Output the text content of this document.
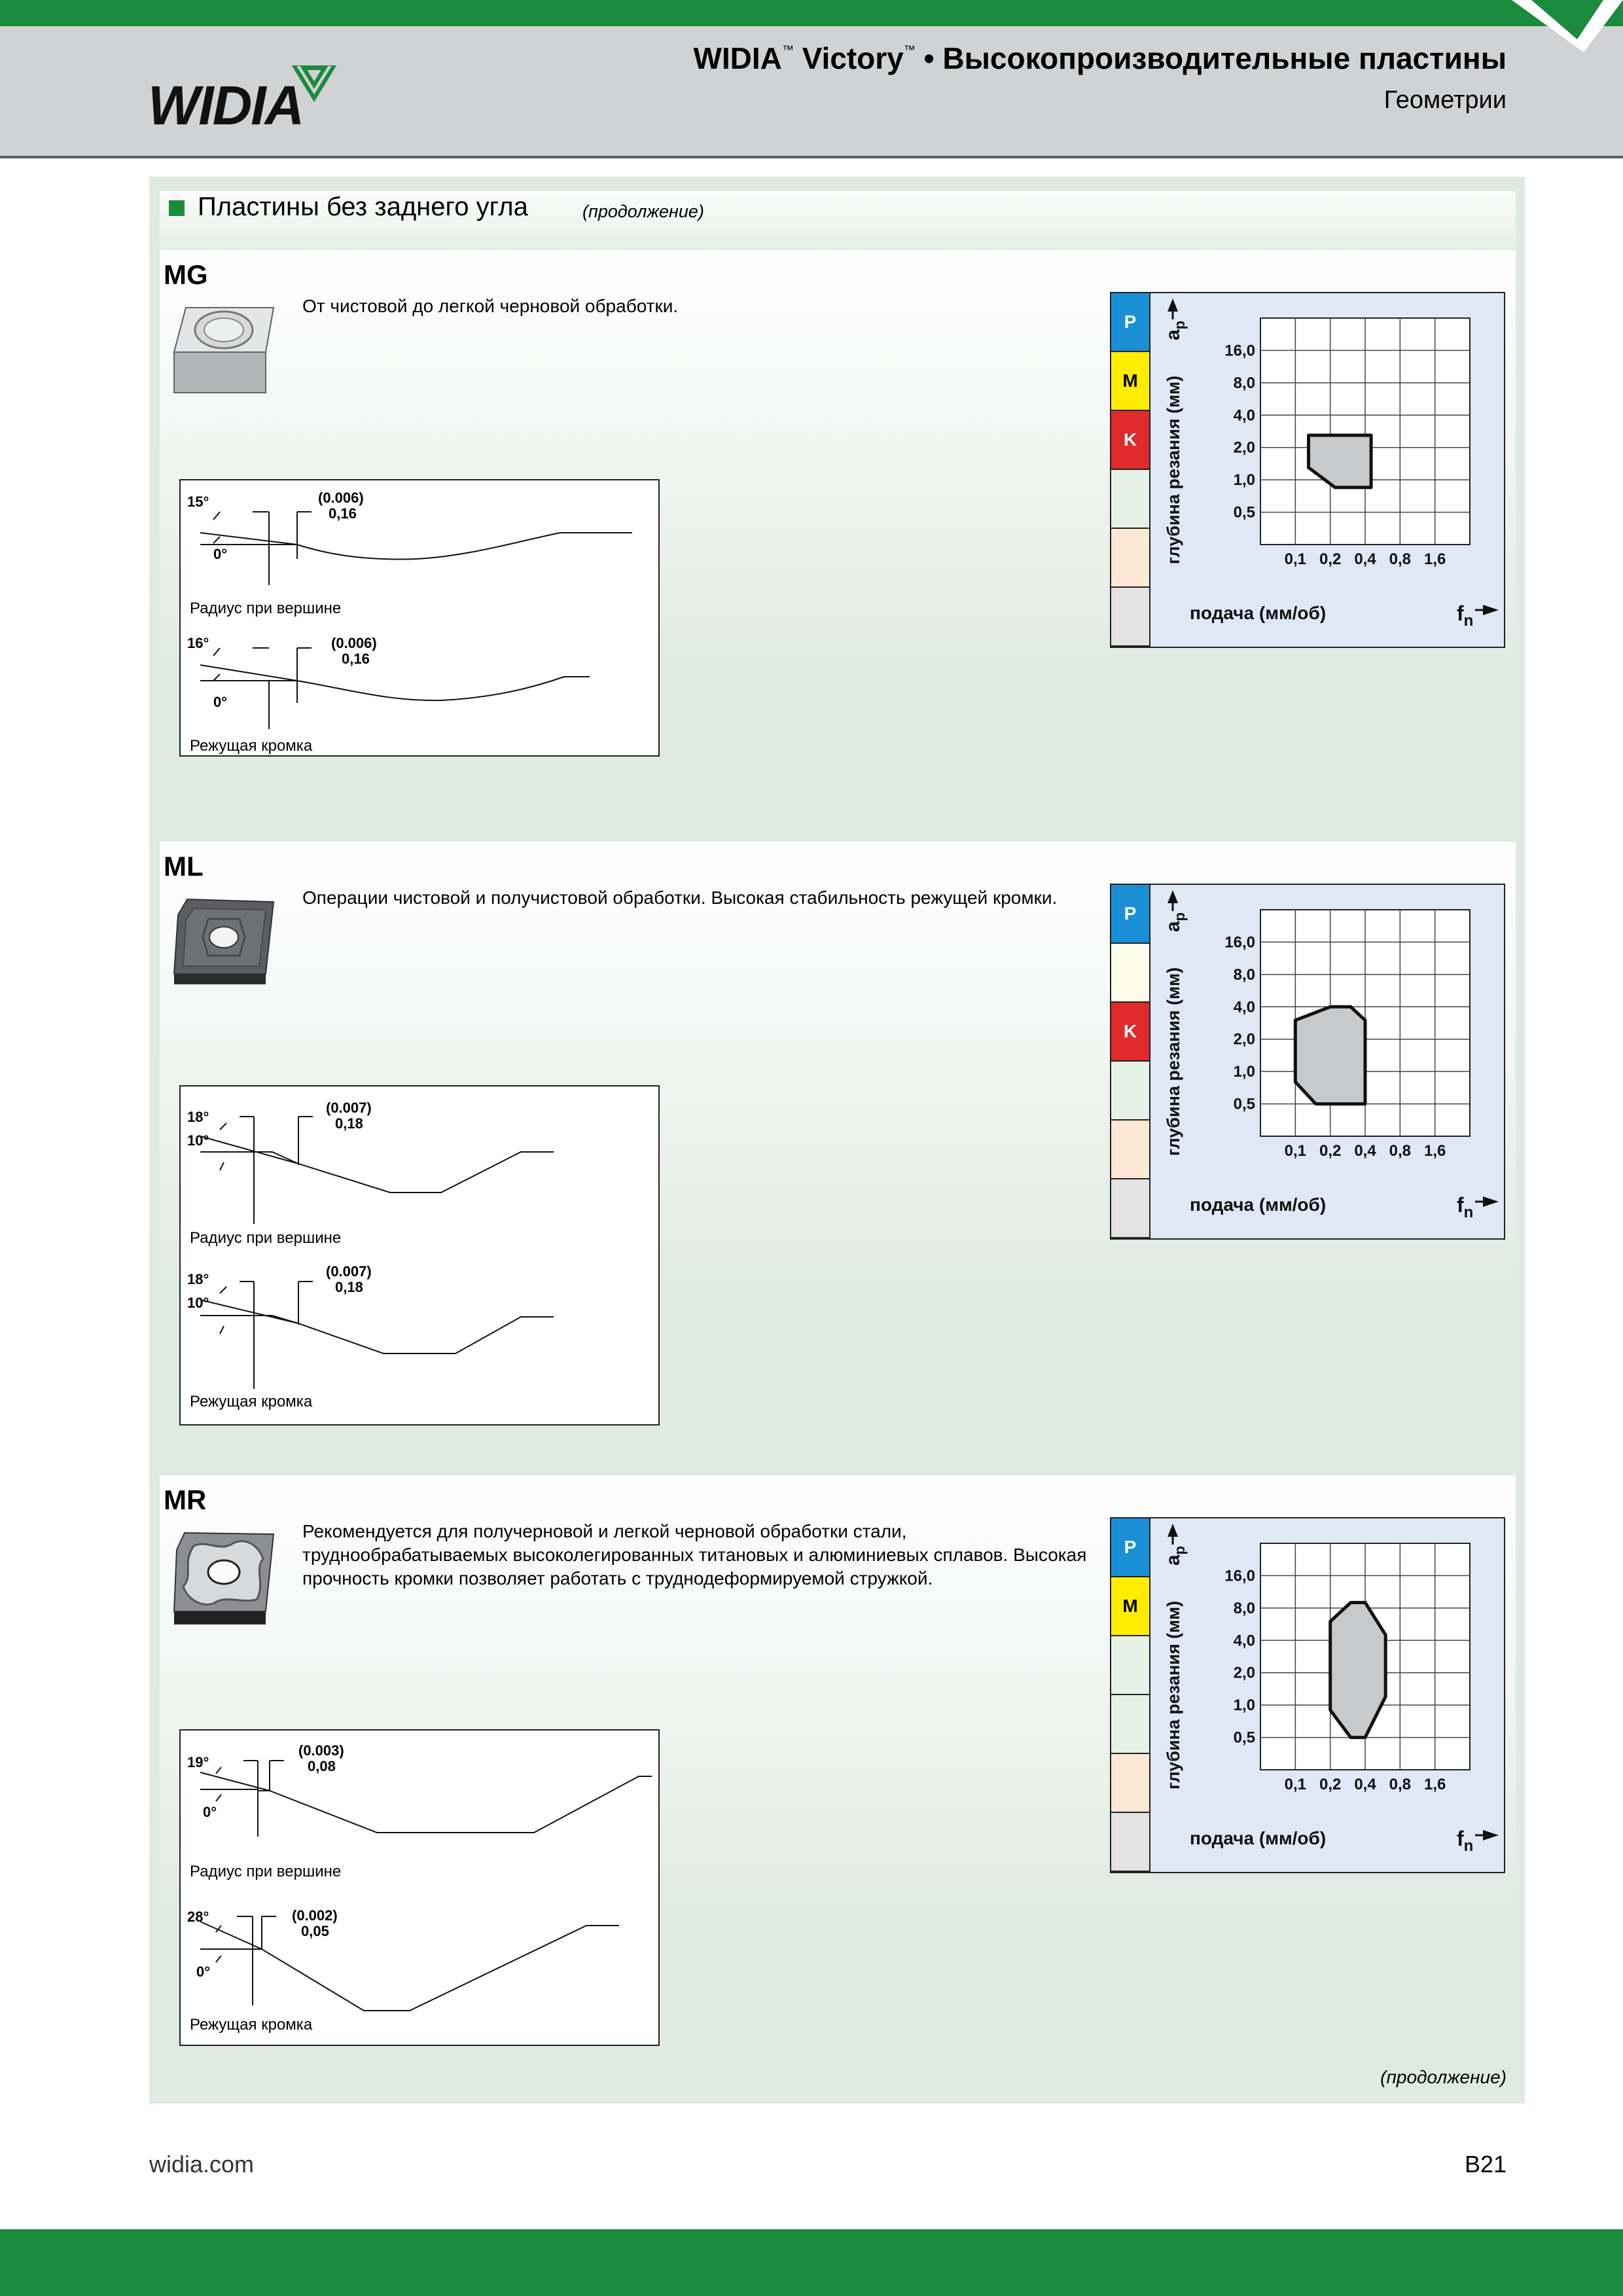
WIDIA
WIDIA™ Victory™ • Высокопроизводительные пластины
Геометрии
Пластины без заднего угла	(продолжение)
MG
От чистовой до легкой черновой обработки.
15°
0°
(0.006)
0,16
Радиус при вершине
16°
0°
(0.006)
0,16
Режущая кромка
P
M
K
16,0
8,0
4,0
2,0
1,0
0,5
0,1 0,2 0,4 0,8 1,6
глубина резания (мм)
$a_p$
подача (мм/об)	$f_n$
ML
Операции чистовой и получистовой обработки. Высокая стабильность режущей кромки.
18°
10°
(0.007)
0,18
Радиус при вершине
18°
10°
(0.007)
0,18
Режущая кромка
P
K
16,0
8,0
4,0
2,0
1,0
0,5
0,1 0,2 0,4 0,8 1,6
глубина резания (мм)
$a_p$
подача (мм/об)	$f_n$
MR
Рекомендуется для получерновой и легкой черновой обработки стали, труднообрабатываемых высоколегированных титановых и алюминиевых сплавов. Высокая прочность кромки позволяет работать с труднодеформируемой стружкой.
19°
0°
(0.003)
0,08
Радиус при вершине
28°
0°
(0.002)
0,05
Режущая кромка
P
M
16,0
8,0
4,0
2,0
1,0
0,5
0,1 0,2 0,4 0,8 1,6
глубина резания (мм)
$a_p$
подача (мм/об)	$f_n$
(продолжение)
widia.com	B21
